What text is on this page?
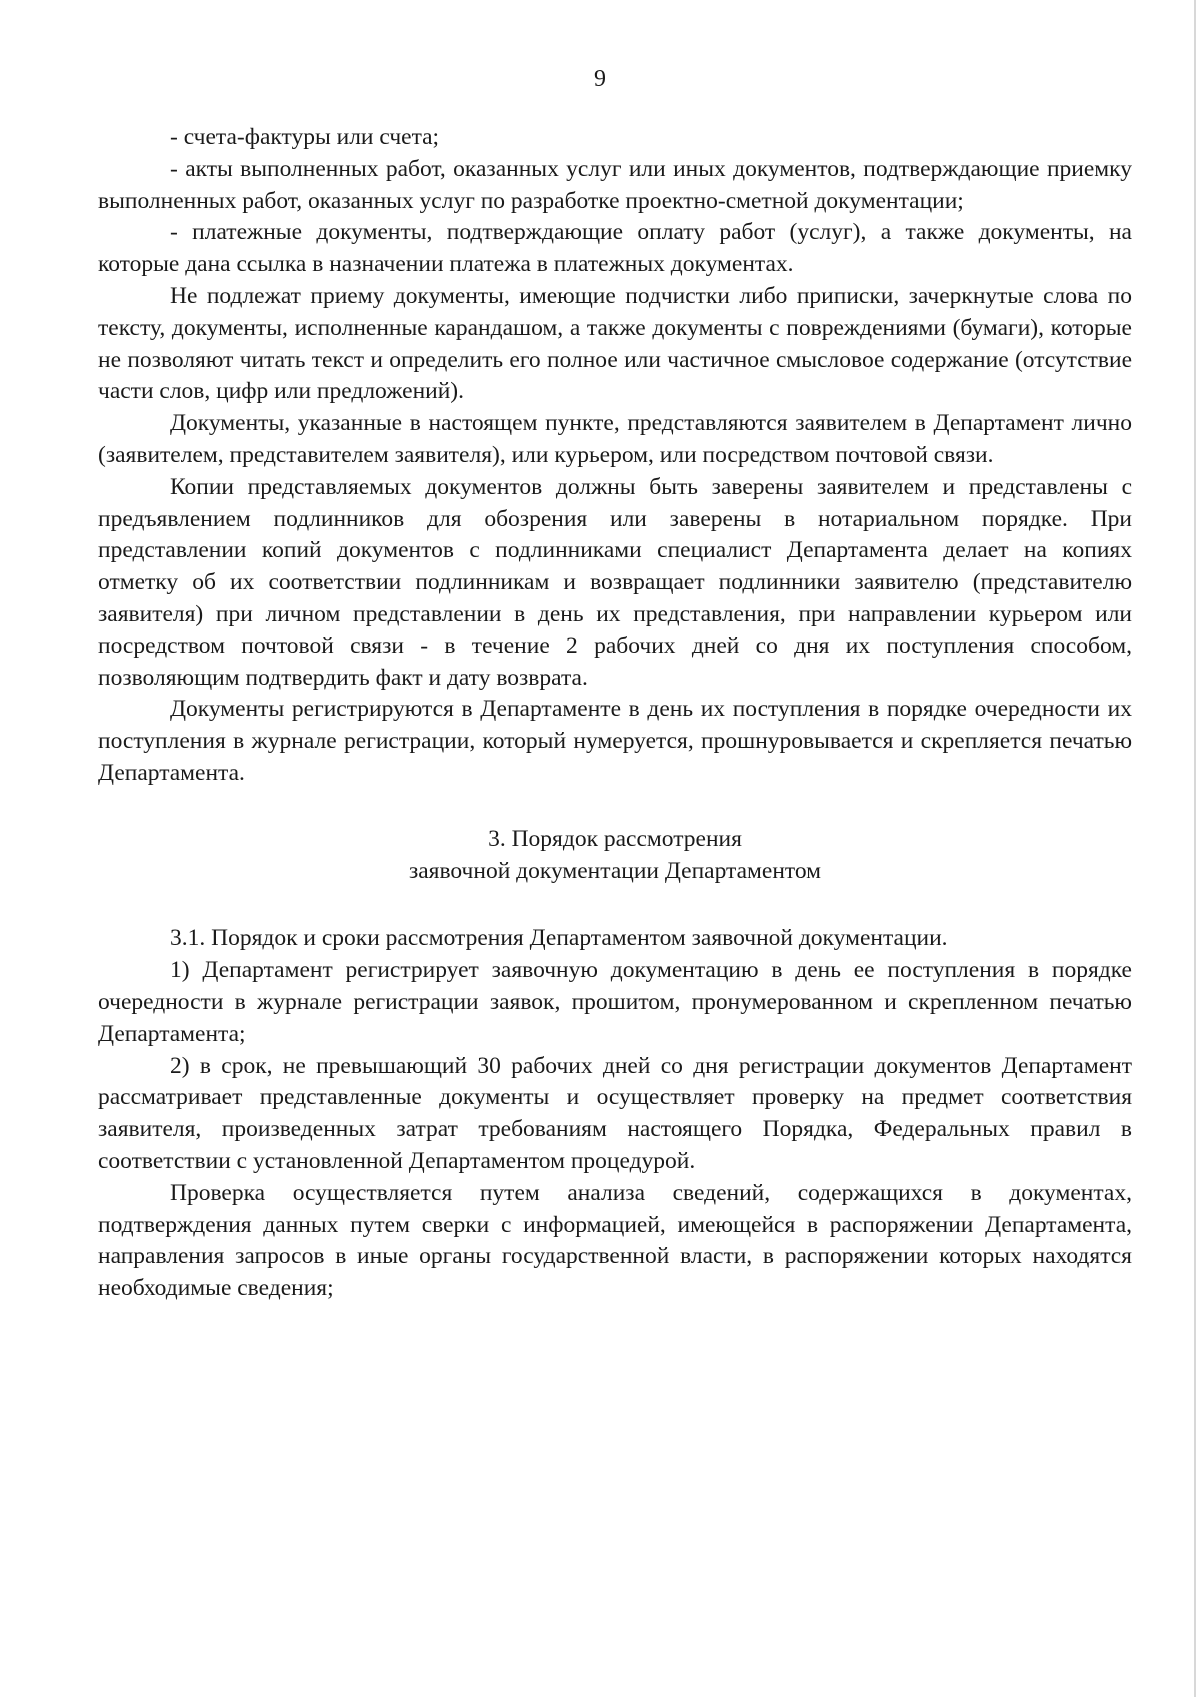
9

- счета-фактуры или счета;

- акты выполненных работ, оказанных услуг или иных документов, подтверждающие приемку выполненных работ, оказанных услуг по разработке проектно-сметной документации;

- платежные документы, подтверждающие оплату работ (услуг), а также документы, на которые дана ссылка в назначении платежа в платежных документах.

Не подлежат приему документы, имеющие подчистки либо приписки, зачеркнутые слова по тексту, документы, исполненные карандашом, а также документы с повреждениями (бумаги), которые не позволяют читать текст и определить его полное или частичное смысловое содержание (отсутствие части слов, цифр или предложений).

Документы, указанные в настоящем пункте, представляются заявителем в Департамент лично (заявителем, представителем заявителя), или курьером, или посредством почтовой связи.

Копии представляемых документов должны быть заверены заявителем и представлены с предъявлением подлинников для обозрения или заверены в нотариальном порядке. При представлении копий документов с подлинниками специалист Департамента делает на копиях отметку об их соответствии подлинникам и возвращает подлинники заявителю (представителю заявителя) при личном представлении в день их представления, при направлении курьером или посредством почтовой связи - в течение 2 рабочих дней со дня их поступления способом, позволяющим подтвердить факт и дату возврата.

Документы регистрируются в Департаменте в день их поступления в порядке очередности их поступления в журнале регистрации, который нумеруется, прошнуровывается и скрепляется печатью Департамента.

3. Порядок рассмотрения

заявочной документации Департаментом

3.1. Порядок и сроки рассмотрения Департаментом заявочной документации.

1) Департамент регистрирует заявочную документацию в день ее поступления в порядке очередности в журнале регистрации заявок, прошитом, пронумерованном и скрепленном печатью Департамента;

2) в срок, не превышающий 30 рабочих дней со дня регистрации документов Департамент рассматривает представленные документы и осуществляет проверку на предмет соответствия заявителя, произведенных затрат требованиям настоящего Порядка, Федеральных правил в соответствии с установленной Департаментом процедурой.

Проверка осуществляется путем анализа сведений, содержащихся в документах, подтверждения данных путем сверки с информацией, имеющейся в распоряжении Департамента, направления запросов в иные органы государственной власти, в распоряжении которых находятся необходимые сведения;
